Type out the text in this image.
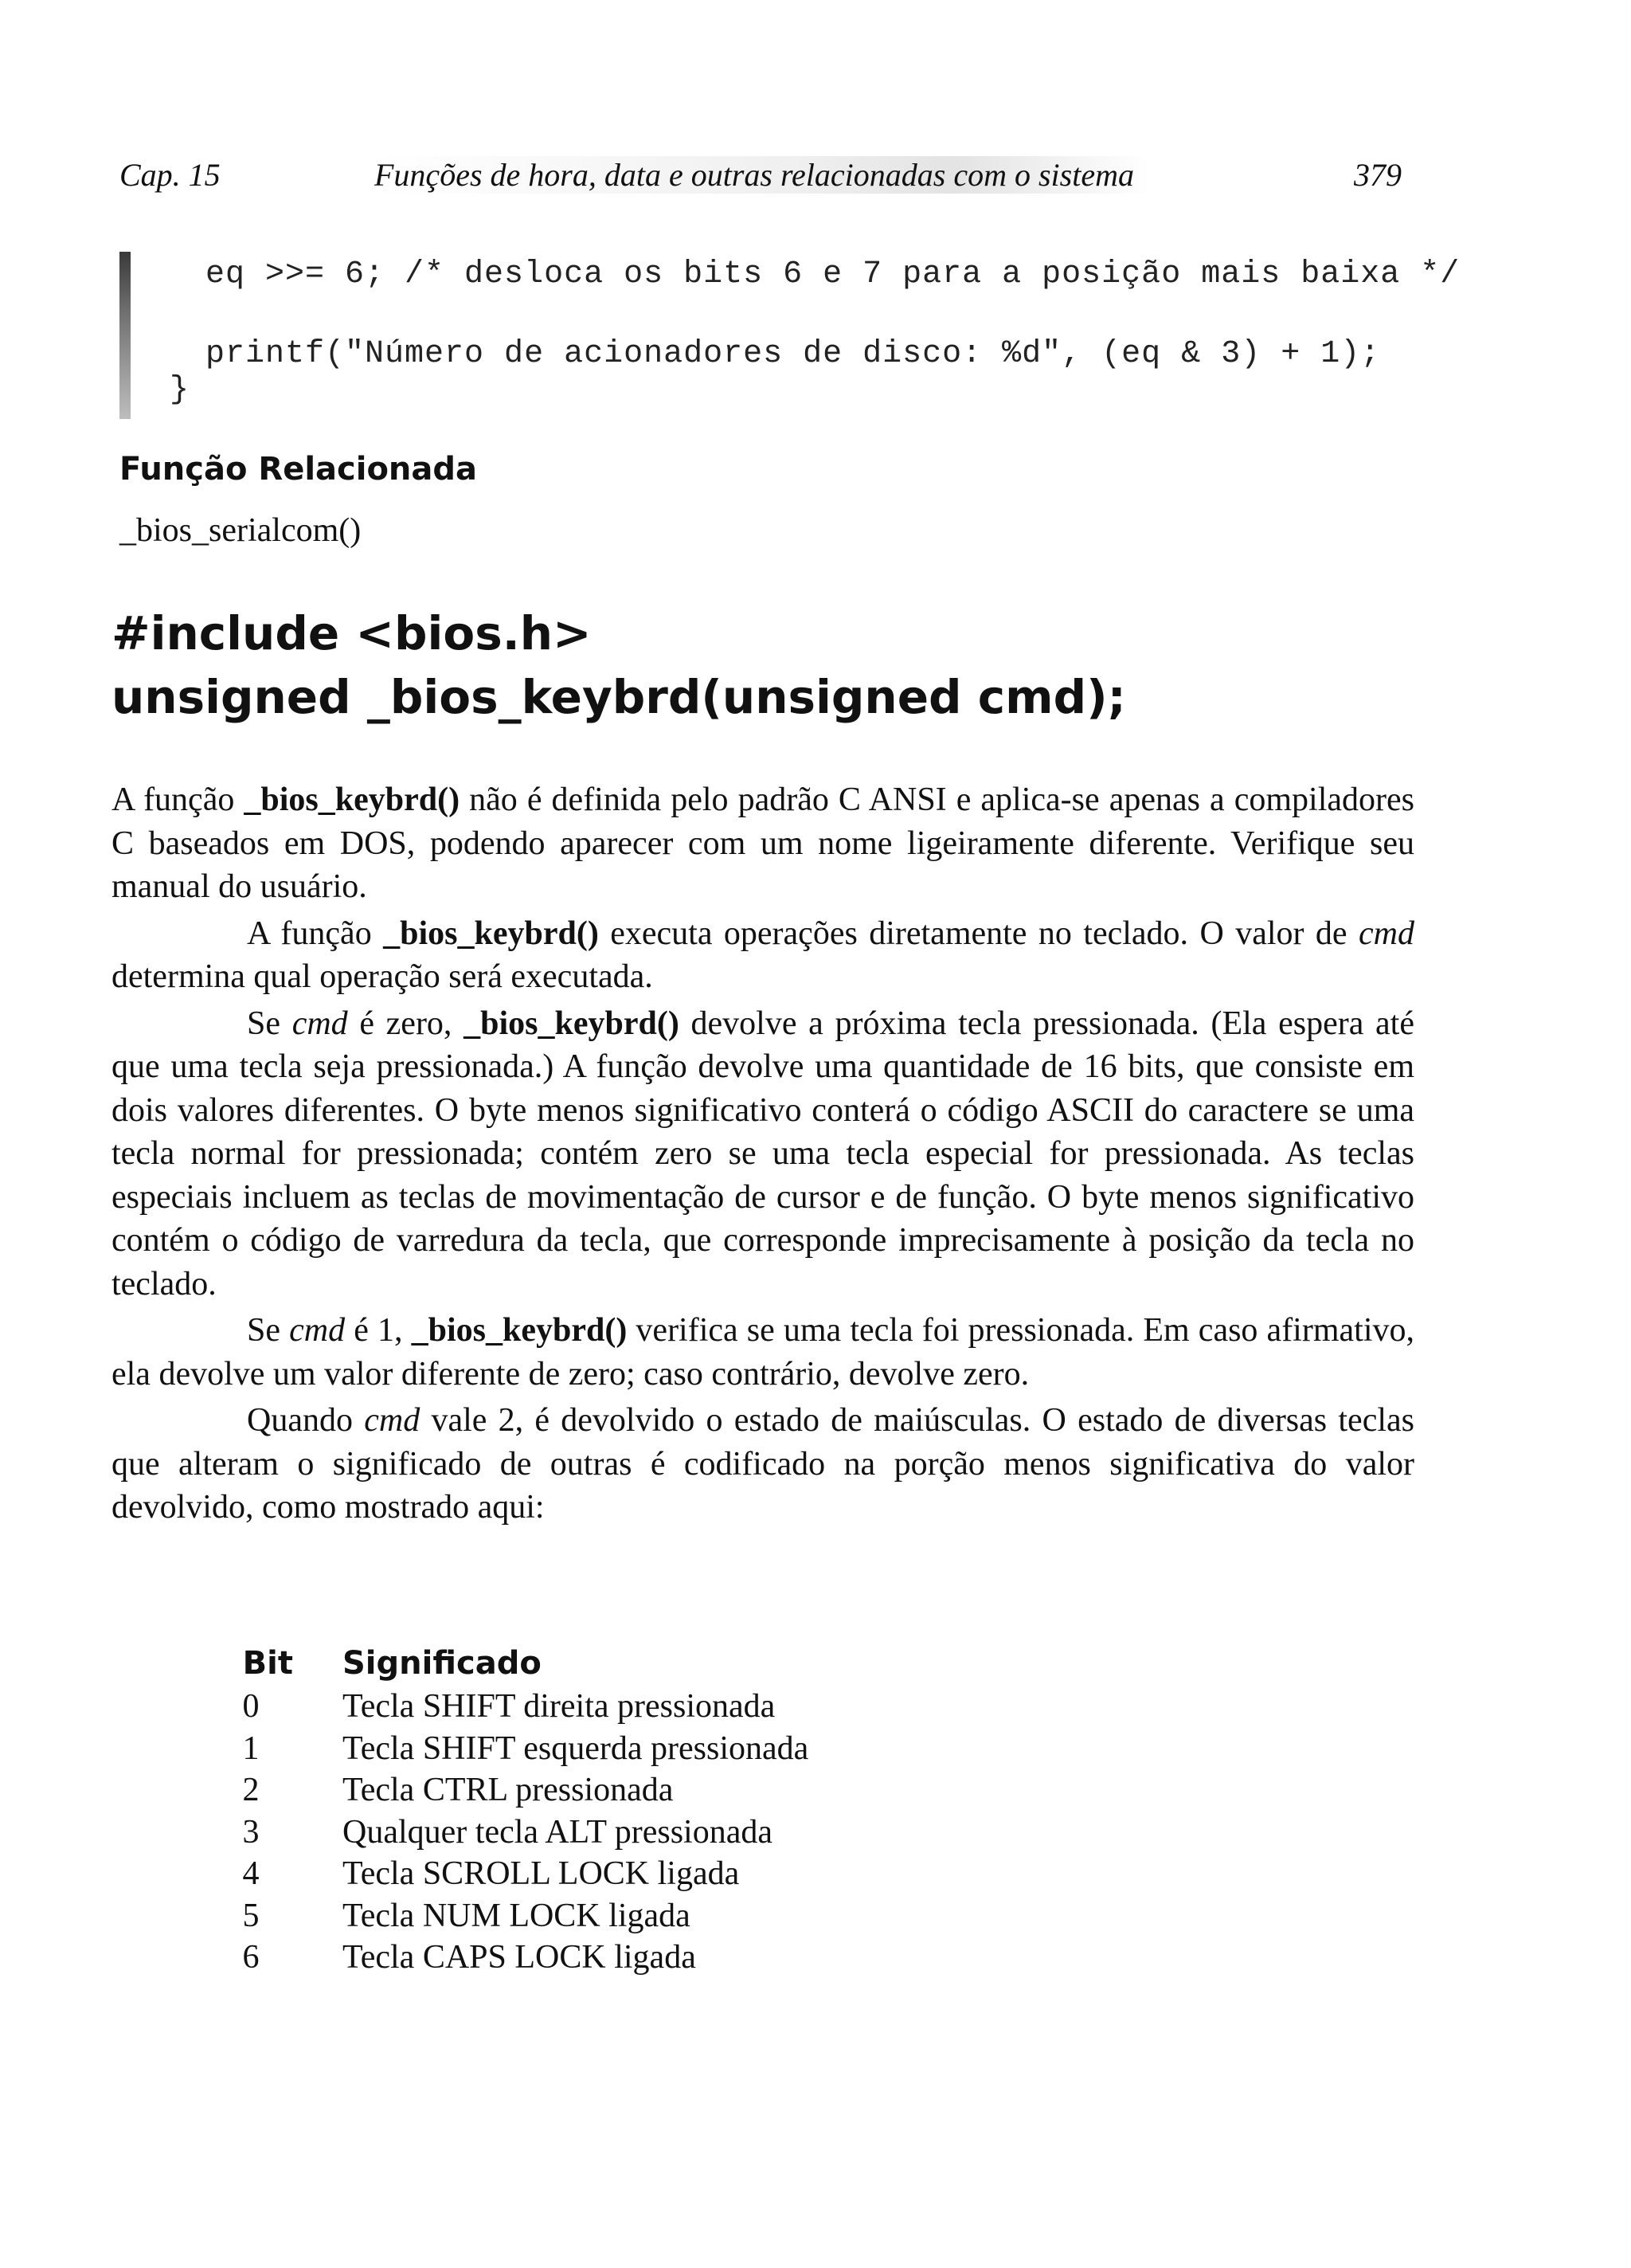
Cap. 15	Funções de hora, data e outras relacionadas com o sistema	379

eq >>= 6; /* desloca os bits 6 e 7 para a posição mais baixa */

printf("Número de acionadores de disco: %d", (eq & 3) + 1);

}

Função Relacionada
_bios_serialcom()
#include <bios.h>
unsigned _bios_keybrd(unsigned cmd);

A função _bios_keybrd() não é definida pelo padrão C ANSI e aplica-se apenas a compiladores C baseados em DOS, podendo aparecer com um nome ligeiramente diferente. Verifique seu manual do usuário.

A função _bios_keybrd() executa operações diretamente no teclado. O valor de cmd determina qual operação será executada.

Se cmd é zero, _bios_keybrd() devolve a próxima tecla pressionada. (Ela espera até que uma tecla seja pressionada.) A função devolve uma quantidade de 16 bits, que consiste em dois valores diferentes. O byte menos significativo conterá o código ASCII do caractere se uma tecla normal for pressionada; contém zero se uma tecla especial for pressionada. As teclas especiais incluem as teclas de movimentação de cursor e de função. O byte menos significativo contém o código de varredura da tecla, que corresponde imprecisamente à posição da tecla no teclado.

Se cmd é 1, _bios_keybrd() verifica se uma tecla foi pressionada. Em caso afirmativo, ela devolve um valor diferente de zero; caso contrário, devolve zero.

Quando cmd vale 2, é devolvido o estado de maiúsculas. O estado de diversas teclas que alteram o significado de outras é codificado na porção menos significativa do valor devolvido, como mostrado aqui:

Bit	Significado
0	Tecla SHIFT direita pressionada
1	Tecla SHIFT esquerda pressionada
2	Tecla CTRL pressionada
3	Qualquer tecla ALT pressionada
4	Tecla SCROLL LOCK ligada
5	Tecla NUM LOCK ligada
6	Tecla CAPS LOCK ligada
